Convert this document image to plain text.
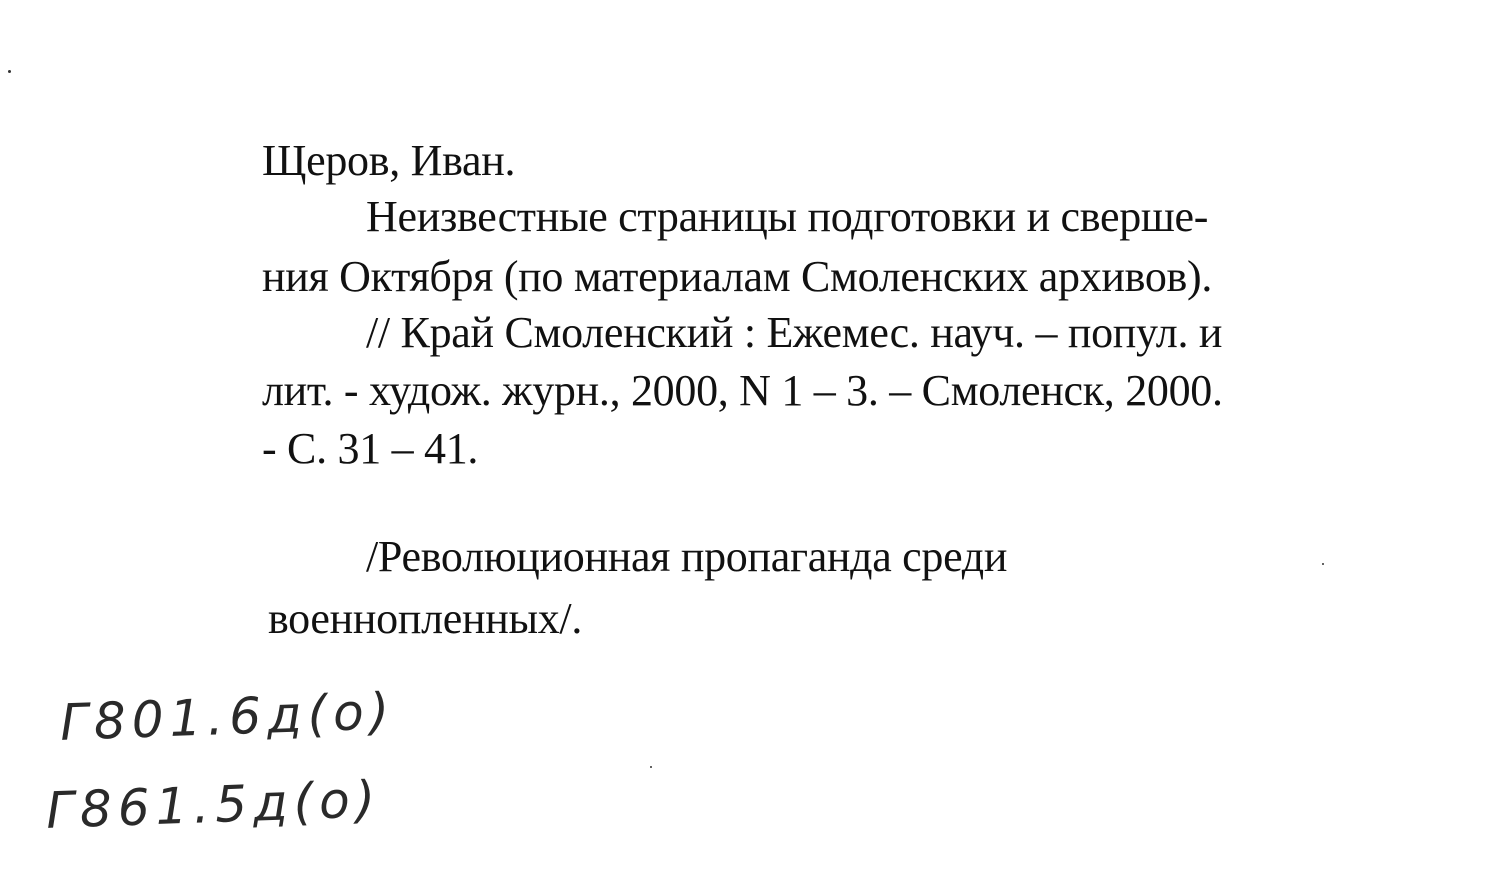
Щеров, Иван.
Неизвестные страницы подготовки и сверше-
ния Октября (по материалам Смоленских архивов).
// Край Смоленский : Ежемес. науч. – попул. и
лит. - худож. журн., 2000, N 1 – 3. – Смоленск, 2000.
- С. 31 – 41.
/Революционная пропаганда среди
военнопленных/.
Г801.6д(о)
Г861.5д(о)
